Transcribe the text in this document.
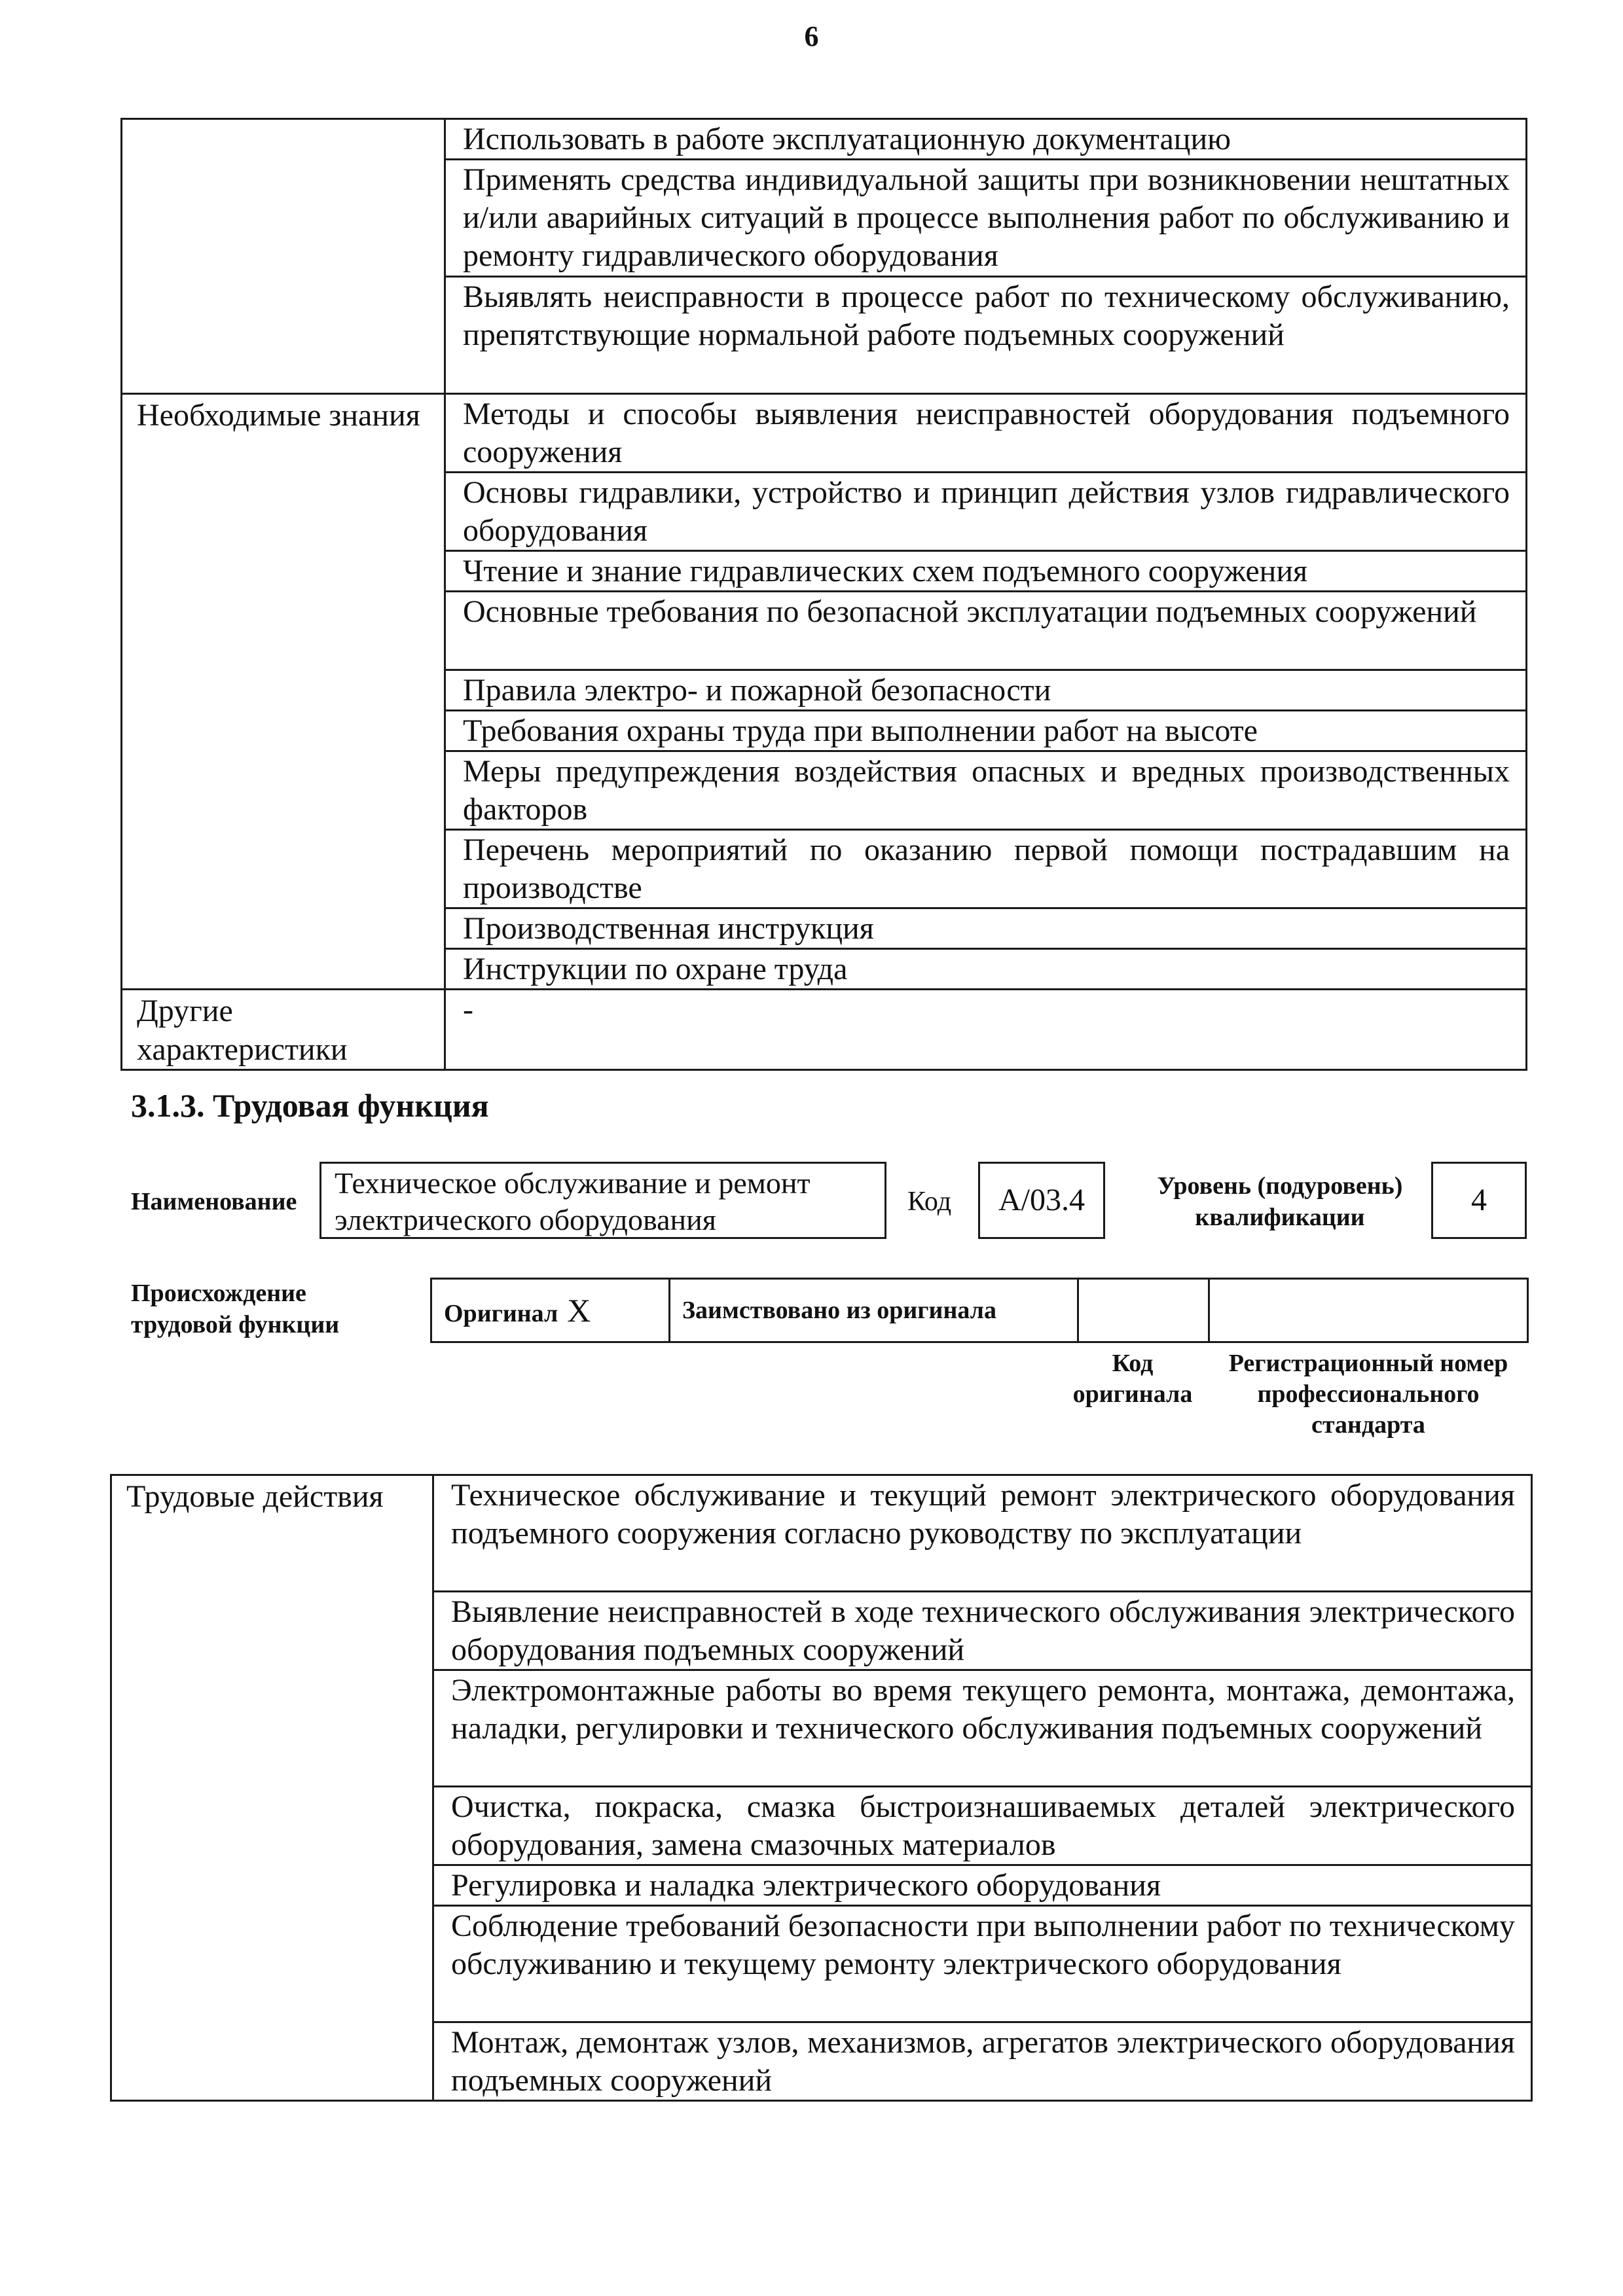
6

	Использовать в работе эксплуатационную документацию

	Применять средства индивидуальной защиты при возникновении нештатных и/или аварийных ситуаций в процессе выполнения работ по обслуживанию и ремонту гидравлического оборудования

	Выявлять неисправности в процессе работ по техническому обслуживанию, препятствующие нормальной работе подъемных сооружений

Необходимые знания	Методы и способы выявления неисправностей оборудования подъемного сооружения

	Основы гидравлики, устройство и принцип действия узлов гидравлического оборудования

	Чтение и знание гидравлических схем подъемного сооружения

	Основные требования по безопасной эксплуатации подъемных сооружений

	Правила электро- и пожарной безопасности

	Требования охраны труда при выполнении работ на высоте

	Меры предупреждения воздействия опасных и вредных производственных факторов

	Перечень мероприятий по оказанию первой помощи пострадавшим на производстве

	Производственная инструкция

	Инструкции по охране труда

Другие характеристики	-
3.1.3. Трудовая функция
Наименование
Техническое обслуживание и ремонт электрического оборудования
Код	А/03.4	Уровень (подуровень) квалификации	4
Происхождение трудовой функции	Оригинал X	Заимствовано из оригинала		
Код оригинала
Регистрационный номер профессионального стандарта
Трудовые действия	Техническое обслуживание и текущий ремонт электрического оборудования подъемного сооружения согласно руководству по эксплуатации

Выявление неисправностей в ходе технического обслуживания электрического оборудования подъемных сооружений

Электромонтажные работы во время текущего ремонта, монтажа, демонтажа, наладки, регулировки и технического обслуживания подъемных сооружений

Очистка, покраска, смазка быстроизнашиваемых деталей электрического оборудования, замена смазочных материалов

Регулировка и наладка электрического оборудования

Соблюдение требований безопасности при выполнении работ по техническому обслуживанию и текущему ремонту электрического оборудования

Монтаж, демонтаж узлов, механизмов, агрегатов электрического оборудования подъемных сооружений
